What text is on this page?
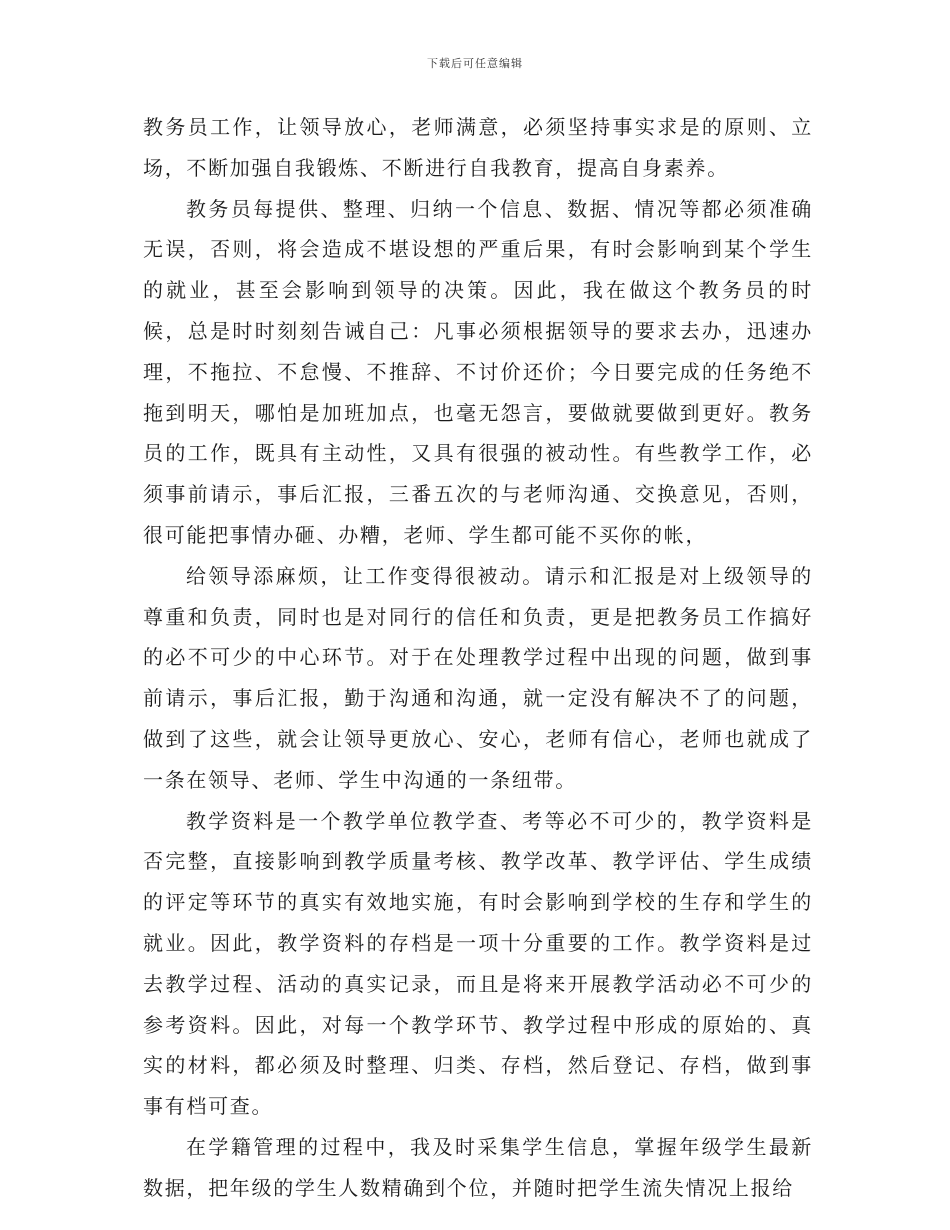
下载后可任意编辑

教务员工作，让领导放心，老师满意，必须坚持事实求是的原则、立场，不断加强自我锻炼、不断进行自我教育，提高自身素养。

教务员每提供、整理、归纳一个信息、数据、情况等都必须准确无误，否则，将会造成不堪设想的严重后果，有时会影响到某个学生的就业，甚至会影响到领导的决策。因此，我在做这个教务员的时候，总是时时刻刻告诫自己：凡事必须根据领导的要求去办，迅速办理，不拖拉、不怠慢、不推辞、不讨价还价；今日要完成的任务绝不拖到明天，哪怕是加班加点，也毫无怨言，要做就要做到更好。教务员的工作，既具有主动性，又具有很强的被动性。有些教学工作，必须事前请示，事后汇报，三番五次的与老师沟通、交换意见，否则，很可能把事情办砸、办糟，老师、学生都可能不买你的帐，

给领导添麻烦，让工作变得很被动。请示和汇报是对上级领导的尊重和负责，同时也是对同行的信任和负责，更是把教务员工作搞好的必不可少的中心环节。对于在处理教学过程中出现的问题，做到事前请示，事后汇报，勤于沟通和沟通，就一定没有解决不了的问题，做到了这些，就会让领导更放心、安心，老师有信心，老师也就成了一条在领导、老师、学生中沟通的一条纽带。

教学资料是一个教学单位教学查、考等必不可少的，教学资料是否完整，直接影响到教学质量考核、教学改革、教学评估、学生成绩的评定等环节的真实有效地实施，有时会影响到学校的生存和学生的就业。因此，教学资料的存档是一项十分重要的工作。教学资料是过去教学过程、活动的真实记录，而且是将来开展教学活动必不可少的参考资料。因此，对每一个教学环节、教学过程中形成的原始的、真实的材料，都必须及时整理、归类、存档，然后登记、存档，做到事事有档可查。

在学籍管理的过程中，我及时采集学生信息，掌握年级学生最新数据，把年级的学生人数精确到个位，并随时把学生流失情况上报给
